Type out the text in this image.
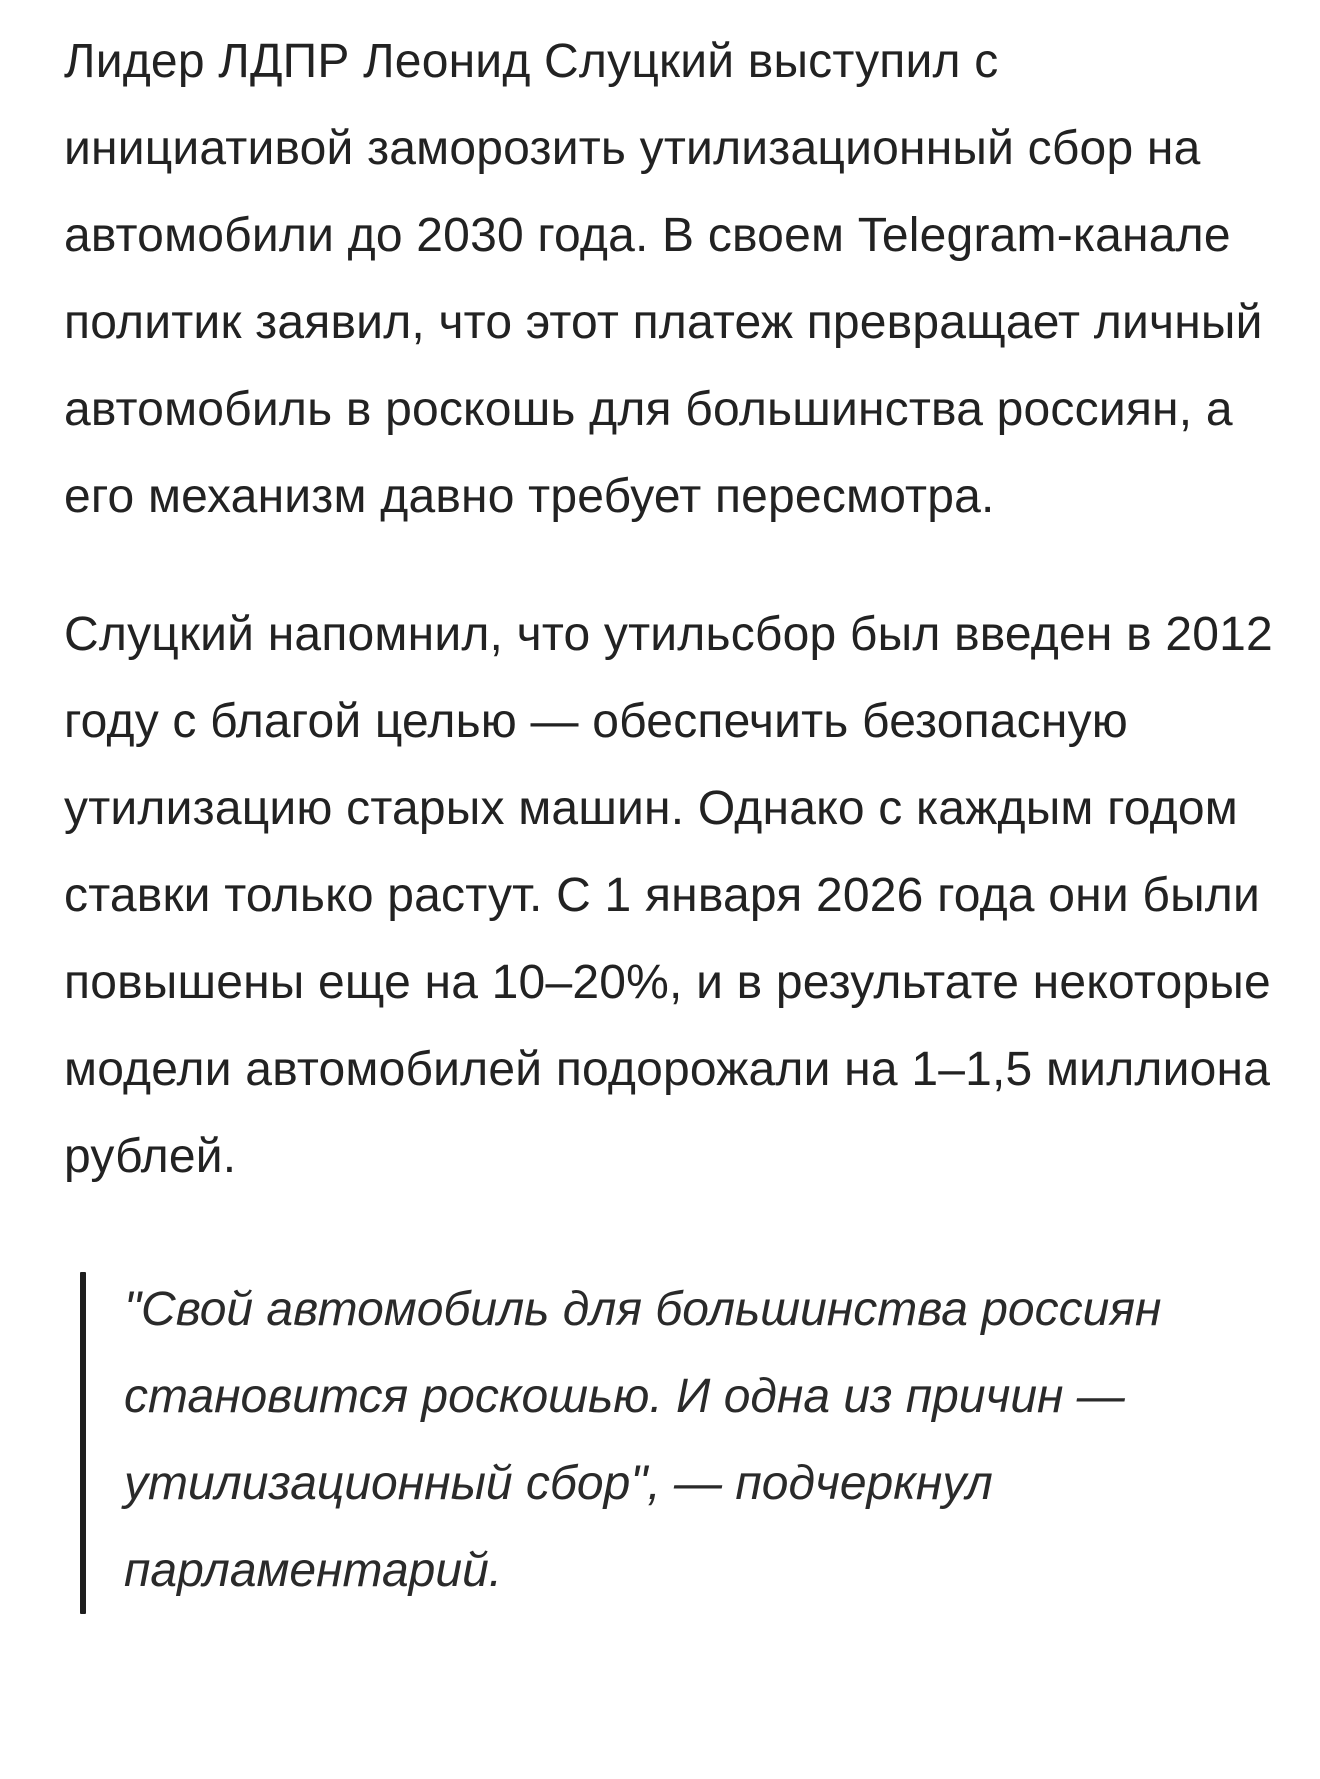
Лидер ЛДПР Леонид Слуцкий выступил с инициативой заморозить утилизационный сбор на автомобили до 2030 года. В своем Telegram-канале политик заявил, что этот платеж превращает личный автомобиль в роскошь для большинства россиян, а его механизм давно требует пересмотра.

Слуцкий напомнил, что утильсбор был введен в 2012 году с благой целью — обеспечить безопасную утилизацию старых машин. Однако с каждым годом ставки только растут. С 1 января 2026 года они были повышены еще на 10–20%, и в результате некоторые модели автомобилей подорожали на 1–1,5 миллиона рублей.

"Свой автомобиль для большинства россиян становится роскошью. И одна из причин — утилизационный сбор", — подчеркнул парламентарий.
